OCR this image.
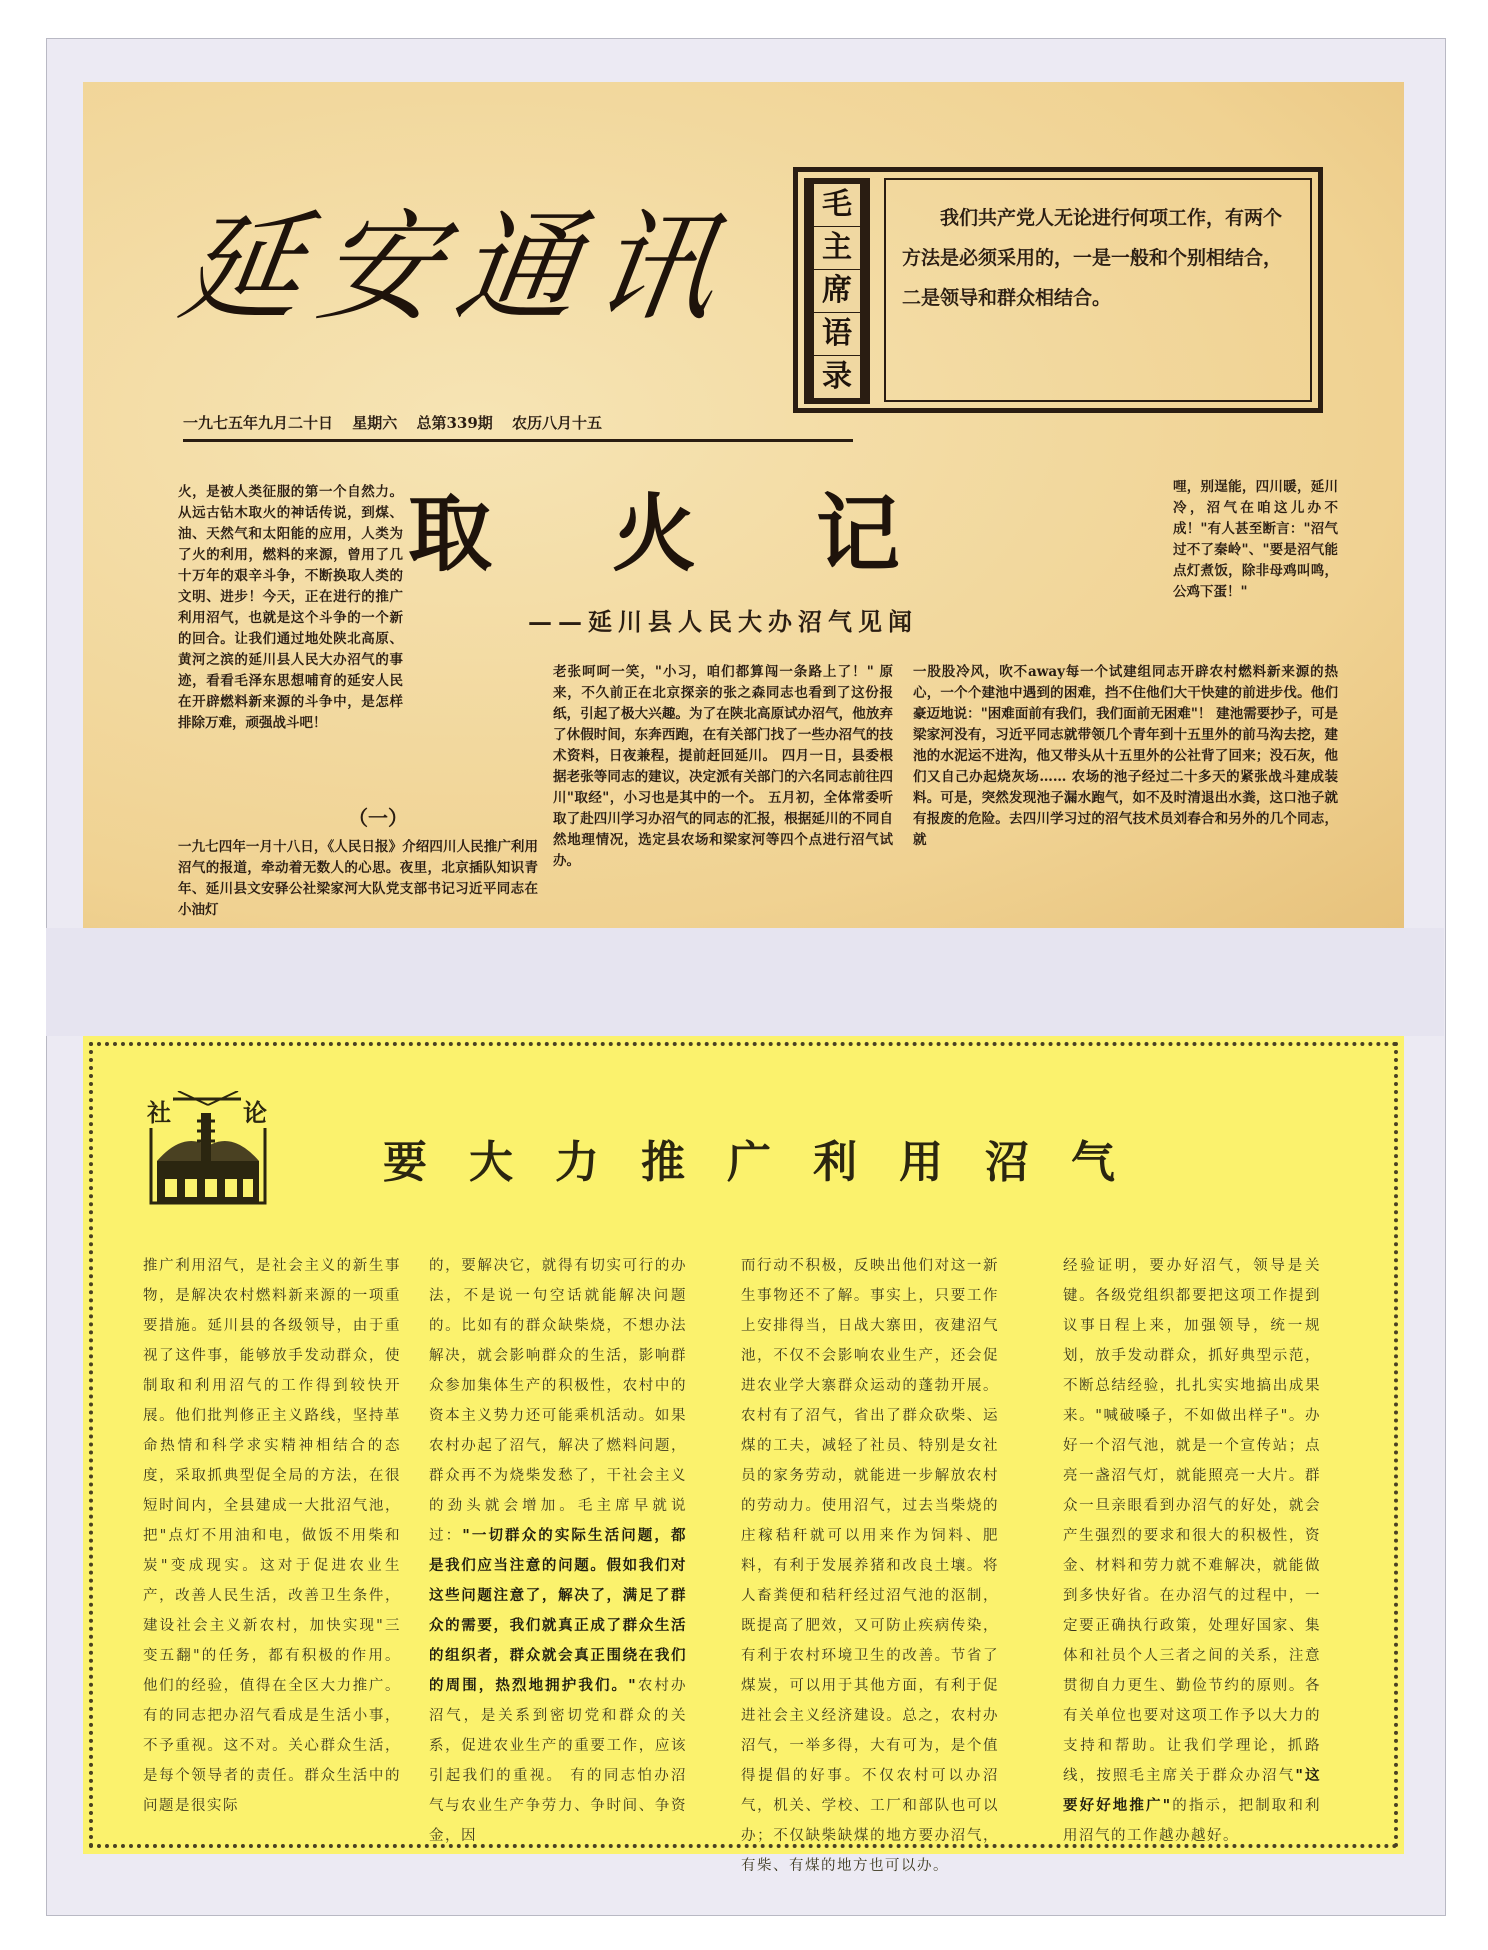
延安通讯	毛
主
席
语
录
我们共产党人无论进行何项工作，有两个方法是必须采用的，一是一般和个别相结合，二是领导和群众相结合。
一九七五年九月二十日 星期六 总第339期 农历八月十五
取火记
——延川县人民大办沼气见闻
火，是被人类征服的第一个自然力。从远古钻木取火的神话传说，到煤、油、天然气和太阳能的应用，人类为了火的利用，燃料的来源，曾用了几十万年的艰辛斗争，不断换取人类的文明、进步！今天，正在进行的推广利用沼气，也就是这个斗争的一个新的回合。让我们通过地处陕北高原、黄河之滨的延川县人民大办沼气的事迹，看看毛泽东思想哺育的延安人民在开辟燃料新来源的斗争中，是怎样排除万难，顽强战斗吧！
（一）
一九七四年一月十八日，《人民日报》介绍四川人民推广利用沼气的报道，牵动着无数人的心思。夜里，北京插队知识青年、延川县文安驿公社梁家河大队党支部书记习近平同志在小油灯
老张呵呵一笑，"小习，咱们都算闯一条路上了！" 原来，不久前正在北京探亲的张之森同志也看到了这份报纸，引起了极大兴趣。为了在陕北高原试办沼气，他放弃了休假时间，东奔西跑，在有关部门找了一些办沼气的技术资料，日夜兼程，提前赶回延川。 四月一日，县委根据老张等同志的建议，决定派有关部门的六名同志前往四川"取经"，小习也是其中的一个。 五月初，全体常委听取了赴四川学习办沼气的同志的汇报，根据延川的不同自然地理情况，选定县农场和梁家河等四个点进行沼气试办。
哩，别逞能，四川暖，延川冷，沼气在咱这儿办不成！"有人甚至断言："沼气过不了秦岭"、"要是沼气能点灯煮饭，除非母鸡叫鸣，公鸡下蛋！"
一股股冷风，吹不away每一个试建组同志开辟农村燃料新来源的热心，一个个建池中遇到的困难，挡不住他们大干快建的前进步伐。他们豪迈地说："困难面前有我们，我们面前无困难"！ 建池需要抄子，可是梁家河没有，习近平同志就带领几个青年到十五里外的前马沟去挖，建池的水泥运不进沟，他又带头从十五里外的公社背了回来；没石灰，他们又自己办起烧灰场…… 农场的池子经过二十多天的紧张战斗建成装料。可是，突然发现池子漏水跑气，如不及时清退出水粪，这口池子就有报废的危险。去四川学习过的沼气技术员刘春合和另外的几个同志，就
社	论
要大力推广利用沼气
推广利用沼气，是社会主义的新生事物，是解决农村燃料新来源的一项重要措施。延川县的各级领导，由于重视了这件事，能够放手发动群众，使制取和利用沼气的工作得到较快开展。他们批判修正主义路线，坚持革命热情和科学求实精神相结合的态度，采取抓典型促全局的方法，在很短时间内，全县建成一大批沼气池，把"点灯不用油和电，做饭不用柴和炭"变成现实。这对于促进农业生产，改善人民生活，改善卫生条件，建设社会主义新农村，加快实现"三变五翻"的任务，都有积极的作用。他们的经验，值得在全区大力推广。 有的同志把办沼气看成是生活小事，不予重视。这不对。关心群众生活，是每个领导者的责任。群众生活中的问题是很实际
的，要解决它，就得有切实可行的办法，不是说一句空话就能解决问题的。比如有的群众缺柴烧，不想办法解决，就会影响群众的生活，影响群众参加集体生产的积极性，农村中的资本主义势力还可能乘机活动。如果农村办起了沼气，解决了燃料问题，群众再不为烧柴发愁了，干社会主义的劲头就会增加。毛主席早就说过："一切群众的实际生活问题，都是我们应当注意的问题。假如我们对这些问题注意了，解决了，满足了群众的需要，我们就真正成了群众生活的组织者，群众就会真正围绕在我们的周围，热烈地拥护我们。"农村办沼气，是关系到密切党和群众的关系，促进农业生产的重要工作，应该引起我们的重视。 有的同志怕办沼气与农业生产争劳力、争时间、争资金，因
而行动不积极，反映出他们对这一新生事物还不了解。事实上，只要工作上安排得当，日战大寨田，夜建沼气池，不仅不会影响农业生产，还会促进农业学大寨群众运动的蓬勃开展。农村有了沼气，省出了群众砍柴、运煤的工夫，减轻了社员、特别是女社员的家务劳动，就能进一步解放农村的劳动力。使用沼气，过去当柴烧的庄稼秸秆就可以用来作为饲料、肥料，有利于发展养猪和改良土壤。将人畜粪便和秸秆经过沼气池的沤制，既提高了肥效，又可防止疾病传染，有利于农村环境卫生的改善。节省了煤炭，可以用于其他方面，有利于促进社会主义经济建设。总之，农村办沼气，一举多得，大有可为，是个值得提倡的好事。不仅农村可以办沼气，机关、学校、工厂和部队也可以办；不仅缺柴缺煤的地方要办沼气，有柴、有煤的地方也可以办。
经验证明，要办好沼气，领导是关键。各级党组织都要把这项工作提到议事日程上来，加强领导，统一规划，放手发动群众，抓好典型示范，不断总结经验，扎扎实实地搞出成果来。"喊破嗓子，不如做出样子"。办好一个沼气池，就是一个宣传站；点亮一盏沼气灯，就能照亮一大片。群众一旦亲眼看到办沼气的好处，就会产生强烈的要求和很大的积极性，资金、材料和劳力就不难解决，就能做到多快好省。在办沼气的过程中，一定要正确执行政策，处理好国家、集体和社员个人三者之间的关系，注意贯彻自力更生、勤俭节约的原则。各有关单位也要对这项工作予以大力的支持和帮助。让我们学理论，抓路线，按照毛主席关于群众办沼气"这要好好地推广"的指示，把制取和利用沼气的工作越办越好。
